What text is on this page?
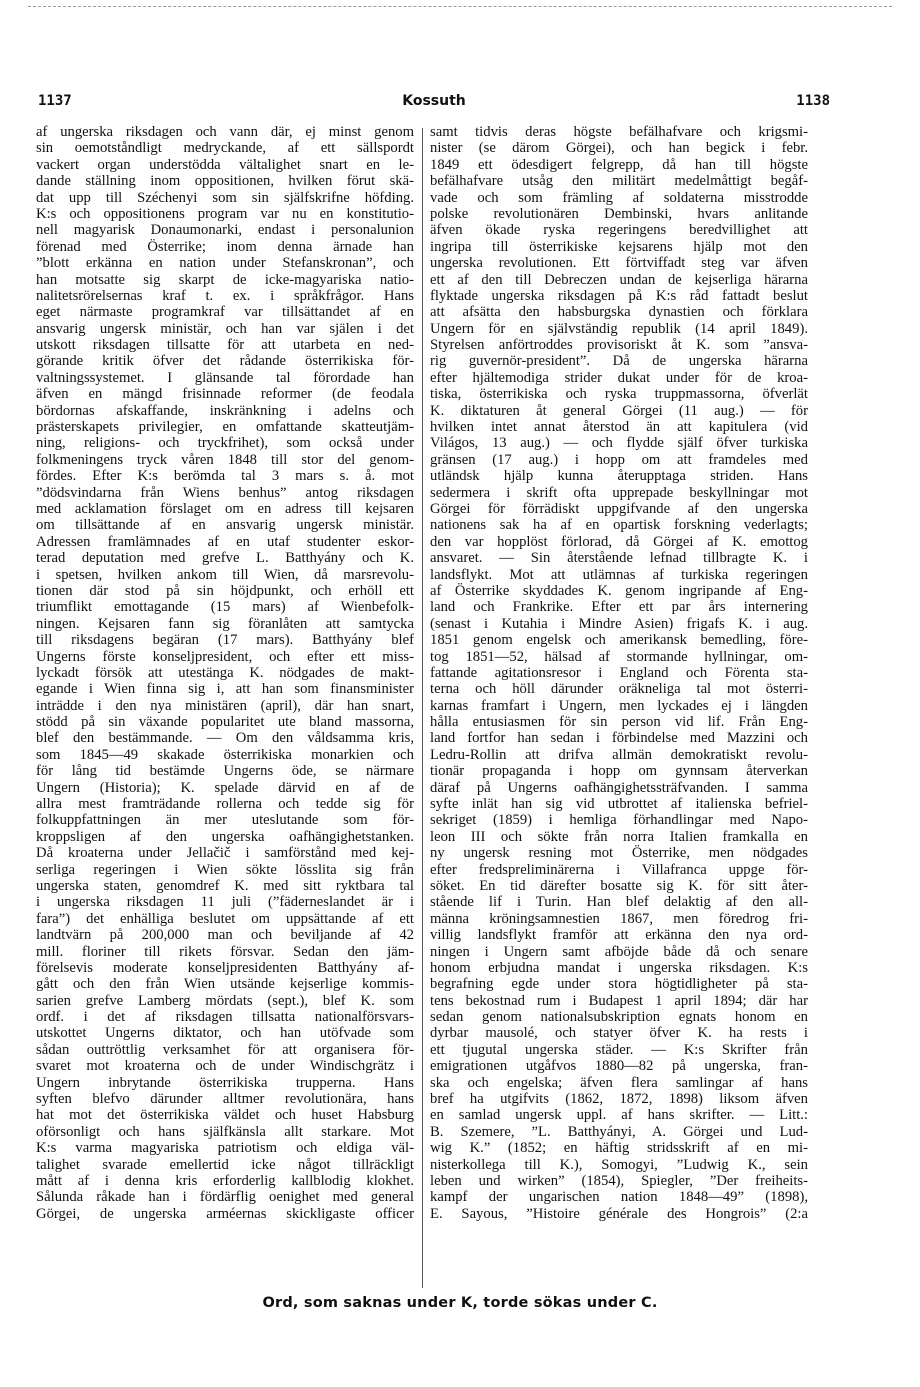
1137	Kossuth	1138
af ungerska riksdagen och vann där, ej minst genom
sin oemotståndligt medryckande, af ett sällspordt
vackert organ understödda vältalighet snart en le-
dande ställning inom oppositionen, hvilken förut skä-
dat upp till Széchenyi som sin själfskrifne höfding.
K:s och oppositionens program var nu en konstitutio-
nell magyarisk Donaumonarki, endast i personalunion
förenad med Österrike; inom denna ärnade han
”blott erkänna en nation under Stefanskronan”, och
han motsatte sig skarpt de icke-magyariska natio-
nalitetsrörelsernas kraf t. ex. i språkfrågor. Hans
eget närmaste programkraf var tillsättandet af en
ansvarig ungersk ministär, och han var själen i det
utskott riksdagen tillsatte för att utarbeta en ned-
görande kritik öfver det rådande österrikiska för-
valtningssystemet. I glänsande tal förordade han
äfven en mängd frisinnade reformer (de feodala
bördornas afskaffande, inskränkning i adelns och
prästerskapets privilegier, en omfattande skatteutjäm-
ning, religions- och tryckfrihet), som också under
folkmeningens tryck våren 1848 till stor del genom-
fördes. Efter K:s berömda tal 3 mars s. å. mot
”dödsvindarna från Wiens benhus” antog riksdagen
med acklamation förslaget om en adress till kejsaren
om tillsättande af en ansvarig ungersk ministär.
Adressen framlämnades af en utaf studenter eskor-
terad deputation med grefve L. Batthyány och K.
i spetsen, hvilken ankom till Wien, då marsrevolu-
tionen där stod på sin höjdpunkt, och erhöll ett
triumflikt emottagande (15 mars) af Wienbefolk-
ningen. Kejsaren fann sig föranlåten att samtycka
till riksdagens begäran (17 mars). Batthyány blef
Ungerns förste konseljpresident, och efter ett miss-
lyckadt försök att utestänga K. nödgades de makt-
egande i Wien finna sig i, att han som finansminister
inträdde i den nya ministären (april), där han snart,
stödd på sin växande popularitet ute bland massorna,
blef den bestämmande. — Om den våldsamma kris,
som 1845—49 skakade österrikiska monarkien och
för lång tid bestämde Ungerns öde, se närmare
Ungern (Historia); K. spelade därvid en af de
allra mest framträdande rollerna och tedde sig för
folkuppfattningen än mer uteslutande som för-
kroppsligen af den ungerska oafhängighetstanken.
Då kroaterna under Jellačič i samförstånd med kej-
serliga regeringen i Wien sökte lösslita sig från
ungerska staten, genomdref K. med sitt ryktbara tal
i ungerska riksdagen 11 juli (”fäderneslandet är i
fara”) det enhälliga beslutet om uppsättande af ett
landtvärn på 200,000 man och beviljande af 42
mill. floriner till rikets försvar. Sedan den jäm-
förelsevis moderate konseljpresidenten Batthyány af-
gått och den från Wien utsände kejserlige kommis-
sarien grefve Lamberg mördats (sept.), blef K. som
ordf. i det af riksdagen tillsatta nationalförsvars-
utskottet Ungerns diktator, och han utöfvade som
sådan outtröttlig verksamhet för att organisera för-
svaret mot kroaterna och de under Windischgrätz i
Ungern inbrytande österrikiska trupperna. Hans
syften blefvo därunder alltmer revolutionära, hans
hat mot det österrikiska väldet och huset Habsburg
oförsonligt och hans själfkänsla allt starkare. Mot
K:s varma magyariska patriotism och eldiga väl-
talighet svarade emellertid icke något tillräckligt
mått af i denna kris erforderlig kallblodig klokhet.
Sålunda råkade han i fördärflig oenighet med general
Görgei, de ungerska arméernas skickligaste officer
samt tidvis deras högste befälhafvare och krigsmi-
nister (se därom Görgei), och han begick i febr.
1849 ett ödesdigert felgrepp, då han till högste
befälhafvare utsåg den militärt medelmåttigt begåf-
vade och som främling af soldaterna misstrodde
polske revolutionären Dembinski, hvars anlitande
äfven ökade ryska regeringens beredvillighet att
ingripa till österrikiske kejsarens hjälp mot den
ungerska revolutionen. Ett förtviffadt steg var äfven
ett af den till Debreczen undan de kejserliga härarna
flyktade ungerska riksdagen på K:s råd fattadt beslut
att afsätta den habsburgska dynastien och förklara
Ungern för en självständig republik (14 april 1849).
Styrelsen anförtroddes provisoriskt åt K. som ”ansva-
rig guvernör-president”. Då de ungerska härarna
efter hjältemodiga strider dukat under för de kroa-
tiska, österrikiska och ryska truppmassorna, öfverlät
K. diktaturen åt general Görgei (11 aug.) — för
hvilken intet annat återstod än att kapitulera (vid
Világos, 13 aug.) — och flydde själf öfver turkiska
gränsen (17 aug.) i hopp om att framdeles med
utländsk hjälp kunna återupptaga striden. Hans
sedermera i skrift ofta upprepade beskyllningar mot
Görgei för förrädiskt uppgifvande af den ungerska
nationens sak ha af en opartisk forskning vederlagts;
den var hopplöst förlorad, då Görgei af K. emottog
ansvaret. — Sin återstående lefnad tillbragte K. i
landsflykt. Mot att utlämnas af turkiska regeringen
af Österrike skyddades K. genom ingripande af Eng-
land och Frankrike. Efter ett par års internering
(senast i Kutahia i Mindre Asien) frigafs K. i aug.
1851 genom engelsk och amerikansk bemedling, före-
tog 1851—52, hälsad af stormande hyllningar, om-
fattande agitationsresor i England och Förenta sta-
terna och höll därunder oräkneliga tal mot österri-
karnas framfart i Ungern, men lyckades ej i längden
hålla entusiasmen för sin person vid lif. Från Eng-
land fortfor han sedan i förbindelse med Mazzini och
Ledru-Rollin att drifva allmän demokratiskt revolu-
tionär propaganda i hopp om gynnsam återverkan
däraf på Ungerns oafhängighetssträfvanden. I samma
syfte inlät han sig vid utbrottet af italienska befriel-
sekriget (1859) i hemliga förhandlingar med Napo-
leon III och sökte från norra Italien framkalla en
ny ungersk resning mot Österrike, men nödgades
efter fredspreliminärerna i Villafranca uppge för-
söket. En tid därefter bosatte sig K. för sitt åter-
stående lif i Turin. Han blef delaktig af den all-
männa kröningsamnestien 1867, men föredrog fri-
villig landsflykt framför att erkänna den nya ord-
ningen i Ungern samt afböjde både då och senare
honom erbjudna mandat i ungerska riksdagen. K:s
begrafning egde under stora högtidligheter på sta-
tens bekostnad rum i Budapest 1 april 1894; där har
sedan genom nationalsubskription egnats honom en
dyrbar mausolé, och statyer öfver K. ha rests i
ett tjugutal ungerska städer. — K:s Skrifter från
emigrationen utgåfvos 1880—82 på ungerska, fran-
ska och engelska; äfven flera samlingar af hans
bref ha utgifvits (1862, 1872, 1898) liksom äfven
en samlad ungersk uppl. af hans skrifter. — Litt.:
B. Szemere, ”L. Batthyányi, A. Görgei und Lud-
wig K.” (1852; en häftig stridsskrift af en mi-
nisterkollega till K.), Somogyi, ”Ludwig K., sein
leben und wirken” (1854), Spiegler, ”Der freiheits-
kampf der ungarischen nation 1848—49” (1898),
E. Sayous, ”Histoire générale des Hongrois” (2:a
Ord, som saknas under K, torde sökas under C.
